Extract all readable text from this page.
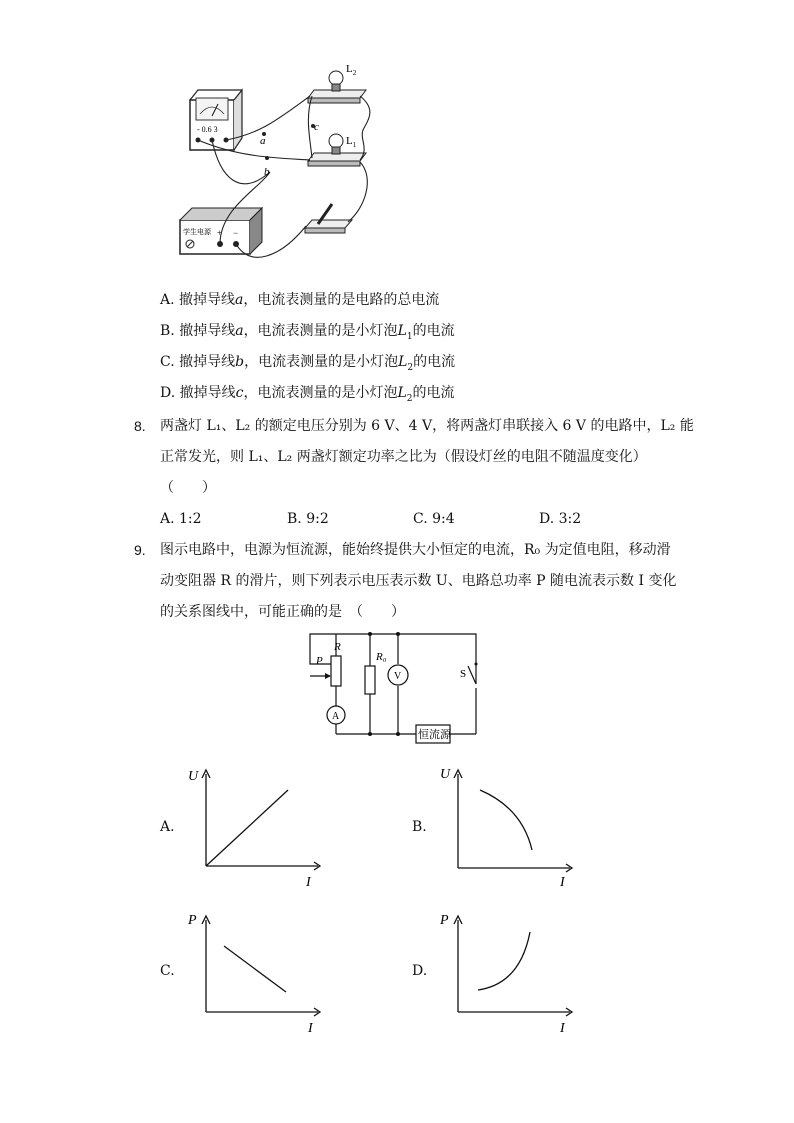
- 0.6 3
$L_2$
$L_1$
学生电源 + −
a
b
c
A. 撤掉导线a，电流表测量的是电路的总电流
B. 撤掉导线a，电流表测量的是小灯泡$L_1$的电流
C. 撤掉导线b，电流表测量的是小灯泡$L_2$的电流
D. 撤掉导线c，电流表测量的是小灯泡$L_2$的电流
8. 两盏灯 L₁、L₂ 的额定电压分别为 6 V、4 V，将两盏灯串联接入 6 V 的电路中，L₂ 能
正常发光，则 L₁、L₂ 两盏灯额定功率之比为（假设灯丝的电阻不随温度变化）
（　　）
A. 1:2	B. 9:2	C. 9:4	D. 3:2
9. 图示电路中，电源为恒流源，能始终提供大小恒定的电流，R₀ 为定值电阻，移动滑
动变阻器 R 的滑片，则下列表示电压表示数 U、电路总功率 P 随电流表示数 I 变化
的关系图线中，可能正确的是　（　　）
P
R
A
R₀
V	S
恒流源
A.
U
I
B.
U
I
C.
P
I
D.
P
I
